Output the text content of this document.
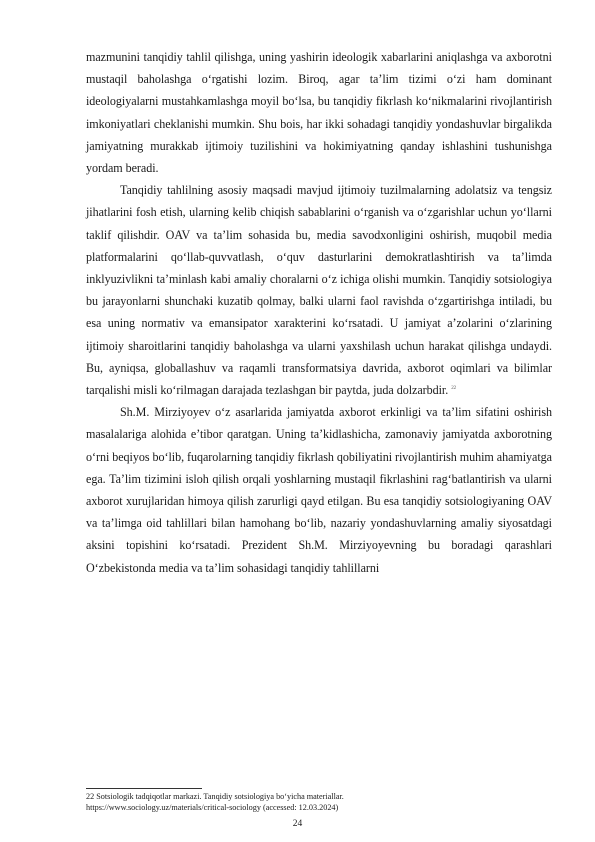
mazmunini tanqidiy tahlil qilishga, uning yashirin ideologik xabarlarini aniqlashga va axborotni mustaqil baholashga o‘rgatishi lozim. Biroq, agar ta’lim tizimi o‘zi ham dominant ideologiyalarni mustahkamlashga moyil bo‘lsa, bu tanqidiy fikrlash ko‘nikmalarini rivojlantirish imkoniyatlari cheklanishi mumkin. Shu bois, har ikki sohadagi tanqidiy yondashuvlar birgalikda jamiyatning murakkab ijtimoiy tuzilishini va hokimiyatning qanday ishlashini tushunishga yordam beradi.

Tanqidiy tahlilning asosiy maqsadi mavjud ijtimoiy tuzilmalarning adolatsiz va tengsiz jihatlarini fosh etish, ularning kelib chiqish sabablarini o‘rganish va o‘zgarishlar uchun yo‘llarni taklif qilishdir. OAV va ta’lim sohasida bu, media savodxonligini oshirish, muqobil media platformalarini qo‘llab-quvvatlash, o‘quv dasturlarini demokratlashtirish va ta’limda inklyuzivlikni ta’minlash kabi amaliy choralarni o‘z ichiga olishi mumkin. Tanqidiy sotsiologiya bu jarayonlarni shunchaki kuzatib qolmay, balki ularni faol ravishda o‘zgartirishga intiladi, bu esa uning normativ va emansipator xarakterini ko‘rsatadi. U jamiyat a’zolarini o‘zlarining ijtimoiy sharoitlarini tanqidiy baholashga va ularni yaxshilash uchun harakat qilishga undaydi. Bu, ayniqsa, globallashuv va raqamli transformatsiya davrida, axborot oqimlari va bilimlar tarqalishi misli ko‘rilmagan darajada tezlashgan bir paytda, juda dolzarbdir. $^{22}$

Sh.M. Mirziyoyev o‘z asarlarida jamiyatda axborot erkinligi va ta’lim sifatini oshirish masalalariga alohida e’tibor qaratgan. Uning ta’kidlashicha, zamonaviy jamiyatda axborotning o‘rni beqiyos bo‘lib, fuqarolarning tanqidiy fikrlash qobiliyatini rivojlantirish muhim ahamiyatga ega. Ta’lim tizimini isloh qilish orqali yoshlarning mustaqil fikrlashini rag‘batlantirish va ularni axborot xurujlaridan himoya qilish zarurligi qayd etilgan. Bu esa tanqidiy sotsiologiyaning OAV va ta’limga oid tahlillari bilan hamohang bo‘lib, nazariy yondashuvlarning amaliy siyosatdagi aksini topishini ko‘rsatadi. Prezident Sh.M. Mirziyoyevning bu boradagi qarashlari O‘zbekistonda media va ta’lim sohasidagi tanqidiy tahlillarni

22 Sotsiologik tadqiqotlar markazi. Tanqidiy sotsiologiya bo‘yicha materiallar.

https://www.sociology.uz/materials/critical-sociology (accessed: 12.03.2024)

24
